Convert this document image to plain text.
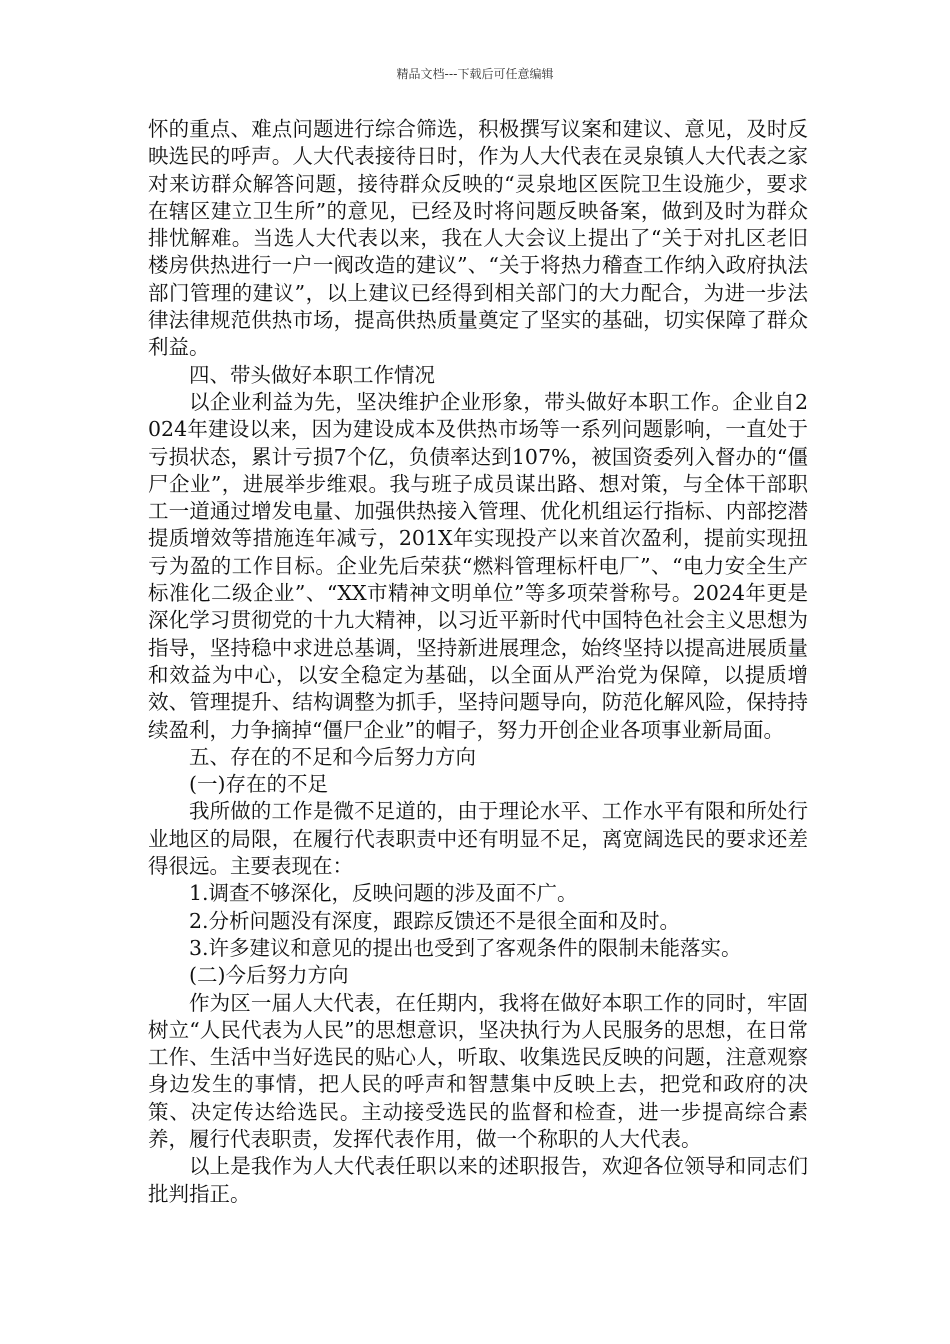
精品文档---下载后可任意编辑

怀的重点、难点问题进行综合筛选，积极撰写议案和建议、意见，及时反映选民的呼声。人大代表接待日时，作为人大代表在灵泉镇人大代表之家对来访群众解答问题，接待群众反映的“灵泉地区医院卫生设施少，要求在辖区建立卫生所”的意见，已经及时将问题反映备案，做到及时为群众排忧解难。当选人大代表以来，我在人大会议上提出了“关于对扎区老旧楼房供热进行一户一阀改造的建议”、“关于将热力稽查工作纳入政府执法部门管理的建议”，以上建议已经得到相关部门的大力配合，为进一步法律法律规范供热市场，提高供热质量奠定了坚实的基础，切实保障了群众利益。

四、带头做好本职工作情况

以企业利益为先，坚决维护企业形象，带头做好本职工作。企业自2024年建设以来，因为建设成本及供热市场等一系列问题影响，一直处于亏损状态，累计亏损7个亿，负债率达到107%，被国资委列入督办的“僵尸企业”，进展举步维艰。我与班子成员谋出路、想对策，与全体干部职工一道通过增发电量、加强供热接入管理、优化机组运行指标、内部挖潜提质增效等措施连年减亏，201X年实现投产以来首次盈利，提前实现扭亏为盈的工作目标。企业先后荣获“燃料管理标杆电厂”、“电力安全生产标准化二级企业”、“XX市精神文明单位”等多项荣誉称号。2024年更是深化学习贯彻党的十九大精神，以习近平新时代中国特色社会主义思想为指导，坚持稳中求进总基调，坚持新进展理念，始终坚持以提高进展质量和效益为中心，以安全稳定为基础，以全面从严治党为保障，以提质增效、管理提升、结构调整为抓手，坚持问题导向，防范化解风险，保持持续盈利，力争摘掉“僵尸企业”的帽子，努力开创企业各项事业新局面。

五、存在的不足和今后努力方向

(一)存在的不足

我所做的工作是微不足道的，由于理论水平、工作水平有限和所处行业地区的局限，在履行代表职责中还有明显不足，离宽阔选民的要求还差得很远。主要表现在：

1.调查不够深化，反映问题的涉及面不广。

2.分析问题没有深度，跟踪反馈还不是很全面和及时。

3.许多建议和意见的提出也受到了客观条件的限制未能落实。

(二)今后努力方向

作为区一届人大代表，在任期内，我将在做好本职工作的同时，牢固树立“人民代表为人民”的思想意识，坚决执行为人民服务的思想，在日常工作、生活中当好选民的贴心人，听取、收集选民反映的问题，注意观察身边发生的事情，把人民的呼声和智慧集中反映上去，把党和政府的决策、决定传达给选民。主动接受选民的监督和检查，进一步提高综合素养，履行代表职责，发挥代表作用，做一个称职的人大代表。

以上是我作为人大代表任职以来的述职报告，欢迎各位领导和同志们批判指正。
